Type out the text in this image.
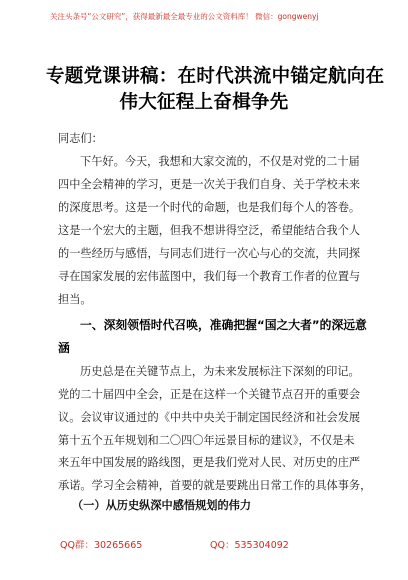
关注头条号“公文研究”，获得最新最全最专业的公文资料库！ 微信：gongwenyj
专题党课讲稿：在时代洪流中锚定航向在
伟大征程上奋楫争先
同志们：
下午好。今天，我想和大家交流的，不仅是对党的二十届
四中全会精神的学习，更是一次关于我们自身、关于学校未来
的深度思考。这是一个时代的命题，也是我们每个人的答卷。
这是一个宏大的主题，但我不想讲得空泛，希望能结合我个人
的一些经历与感悟，与同志们进行一次心与心的交流，共同探
寻在国家发展的宏伟蓝图中，我们每一个教育工作者的位置与
担当。
一、深刻领悟时代召唤，准确把握“国之大者”的深远意
涵
历史总是在关键节点上，为未来发展标注下深刻的印记。
党的二十届四中全会，正是在这样一个关键节点召开的重要会
议。会议审议通过的《中共中央关于制定国民经济和社会发展
第十五个五年规划和二〇四〇年远景目标的建议》，不仅是未
来五年中国发展的路线图，更是我们党对人民、对历史的庄严
承诺。学习全会精神，首要的就是要跳出日常工作的具体事务，
（一）从历史纵深中感悟规划的伟力
QQ群：30265665	QQ：535304092
